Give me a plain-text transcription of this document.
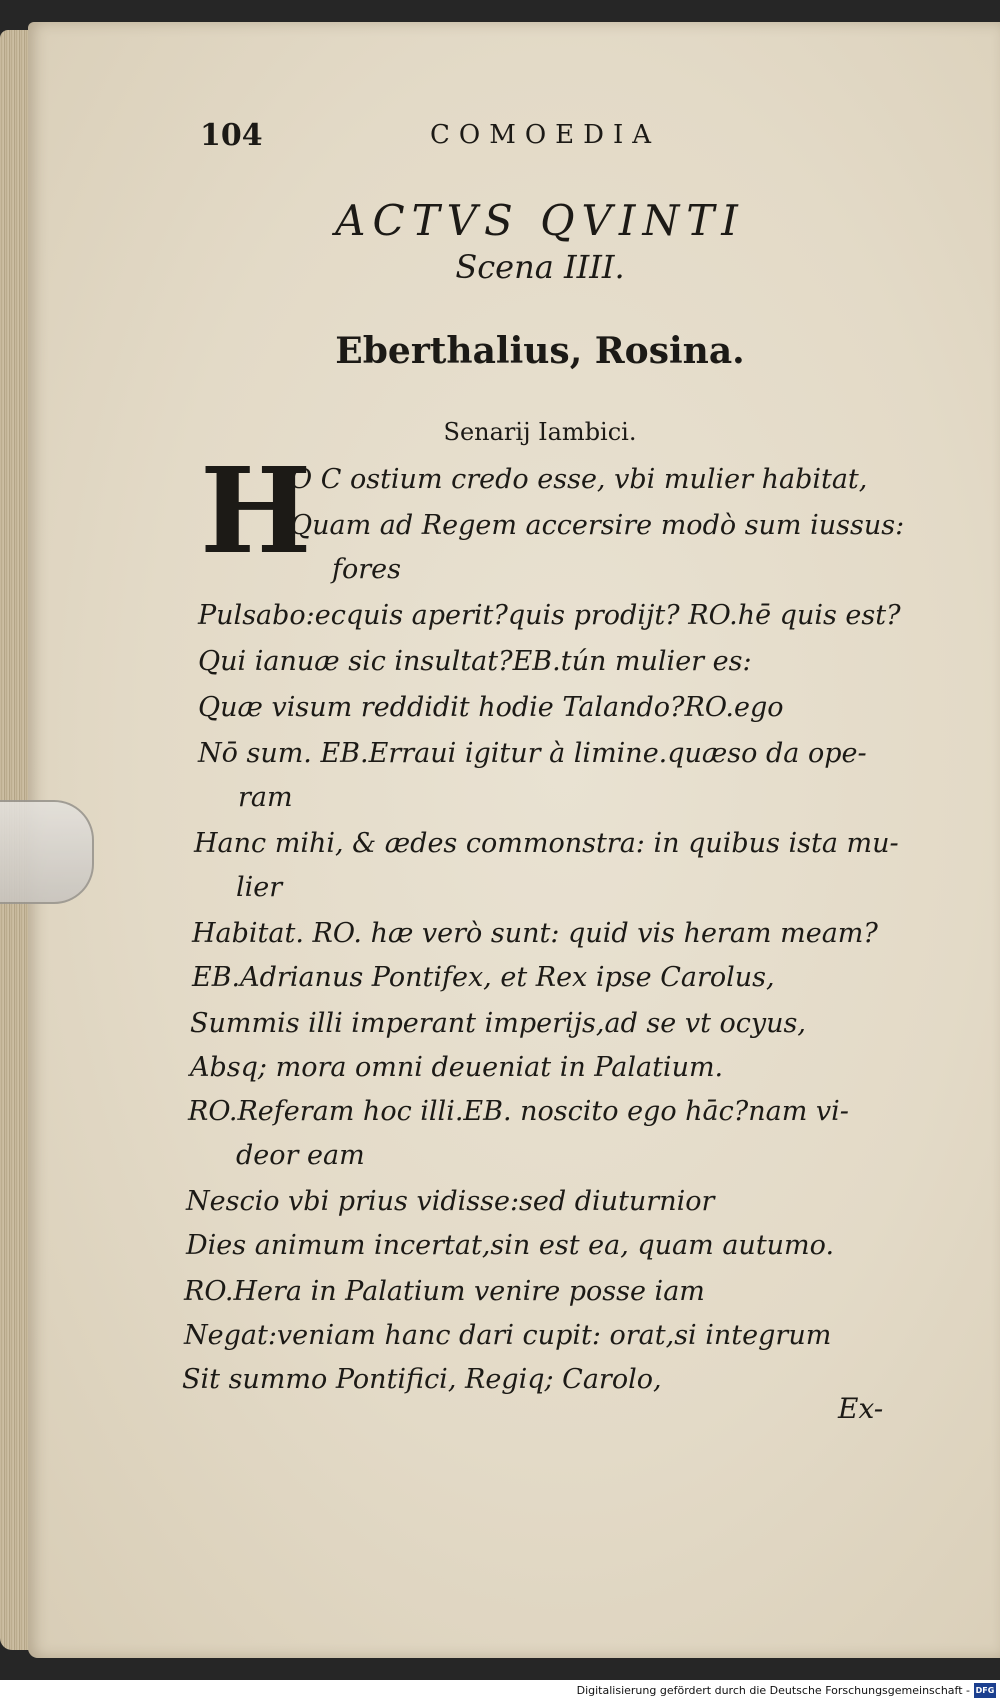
104	COMOEDIA
ACTVS QVINTI
Scena IIII.
Eberthalius, Rosina.
Senarij Iambici.
H
O C ostium credo esse, vbi mulier habitat,
Quam ad Regem accersire modò sum iussus:
fores
Pulsabo:ecquis aperit?quis prodijt? RO.hē quis est?
Qui ianuæ sic insultat?EB.tún mulier es:
Quæ visum reddidit hodie Talando?RO.ego
Nō sum. EB.Erraui igitur à limine.quæso da ope-
ram
Hanc mihi, & ædes commonstra: in quibus ista mu-
lier
Habitat. RO. hæ verò sunt: quid vis heram meam?
EB.Adrianus Pontifex, et Rex ipse Carolus,
Summis illi imperant imperijs,ad se vt ocyus,
Absq; mora omni deueniat in Palatium.
RO.Referam hoc illi.EB. noscito ego hāc?nam vi-
deor eam
Nescio vbi prius vidisse:sed diuturnior
Dies animum incertat,sin est ea, quam autumo.
RO.Hera in Palatium venire posse iam
Negat:veniam hanc dari cupit: orat,si integrum
Sit summo Pontifici, Regiq; Carolo,
Ex-
Digitalisierung gefördert durch die Deutsche Forschungsgemeinschaft - DFG
